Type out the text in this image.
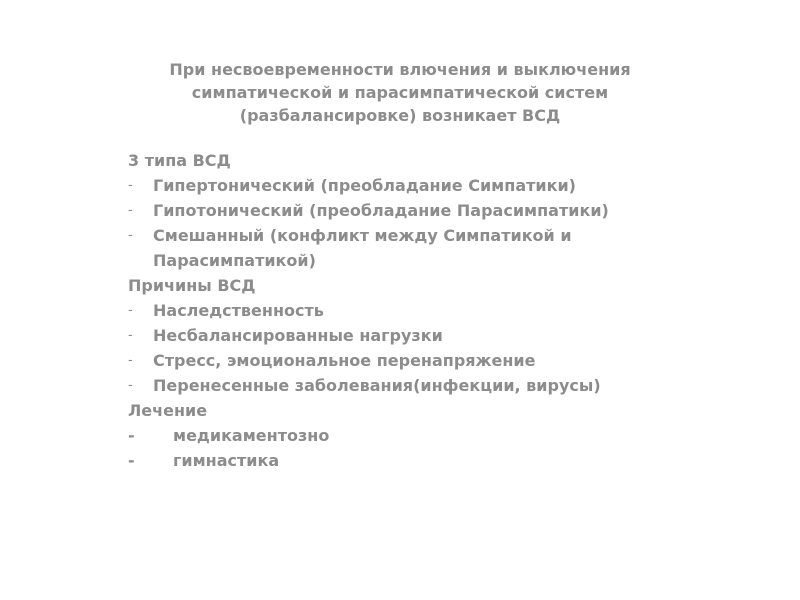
При несвоевременности влючения и выключения
симпатической и парасимпатической систем
(разбалансировке) возникает ВСД
3 типа ВСД
- Гипертонический (преобладание Симпатики)
- Гипотонический (преобладание Парасимпатики)
- Смешанный (конфликт между Симпатикой и
Парасимпатикой)
Причины ВСД
- Наследственность
- Несбалансированные нагрузки
- Стресс, эмоциональное перенапряжение
- Перенесенные заболевания(инфекции, вирусы)
Лечение
- медикаментозно
- гимнастика
